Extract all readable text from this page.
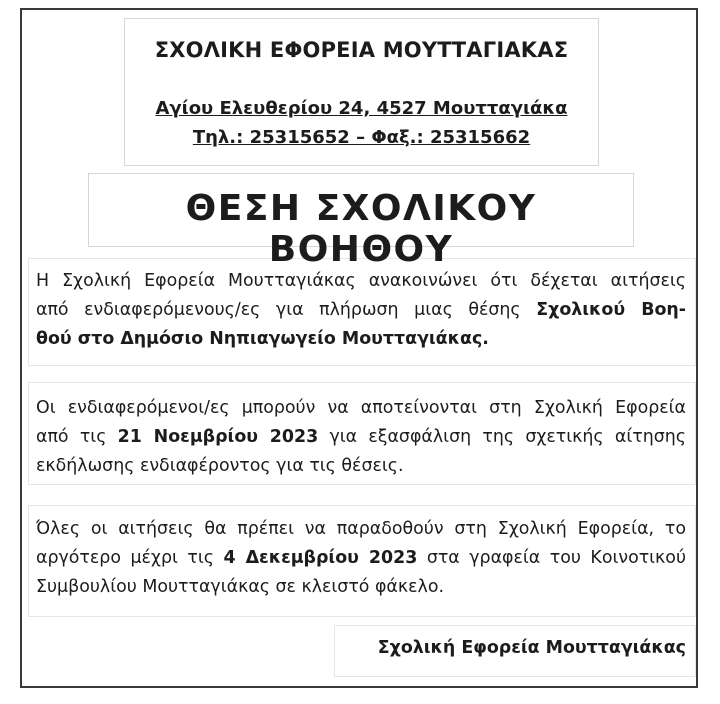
ΣΧΟΛΙΚΗ ΕΦΟΡΕΙΑ ΜΟΥΤΤΑΓΙΑΚΑΣ
Αγίου Ελευθερίου 24, 4527 Μουτταγιάκα
Τηλ.: 25315652 – Φαξ.: 25315662
ΘΕΣΗ ΣΧΟΛΙΚΟΥ ΒΟΗΘΟΥ
Η Σχολική Εφορεία Μουτταγιάκας ανακοινώνει ότι δέχεται αιτήσεις
από ενδιαφερόμενους/ες για πλήρωση μιας θέσης Σχολικού Βοη-
θού στο Δημόσιο Νηπιαγωγείο Μουτταγιάκας.
Οι ενδιαφερόμενοι/ες μπορούν να αποτείνονται στη Σχολική Εφορεία
από τις 21 Νοεμβρίου 2023 για εξασφάλιση της σχετικής αίτησης
εκδήλωσης ενδιαφέροντος για τις θέσεις.
Όλες οι αιτήσεις θα πρέπει να παραδοθούν στη Σχολική Εφορεία, το
αργότερο μέχρι τις 4 Δεκεμβρίου 2023 στα γραφεία του Κοινοτικού
Συμβουλίου Μουτταγιάκας σε κλειστό φάκελο.
Σχολική Εφορεία Μουτταγιάκας
